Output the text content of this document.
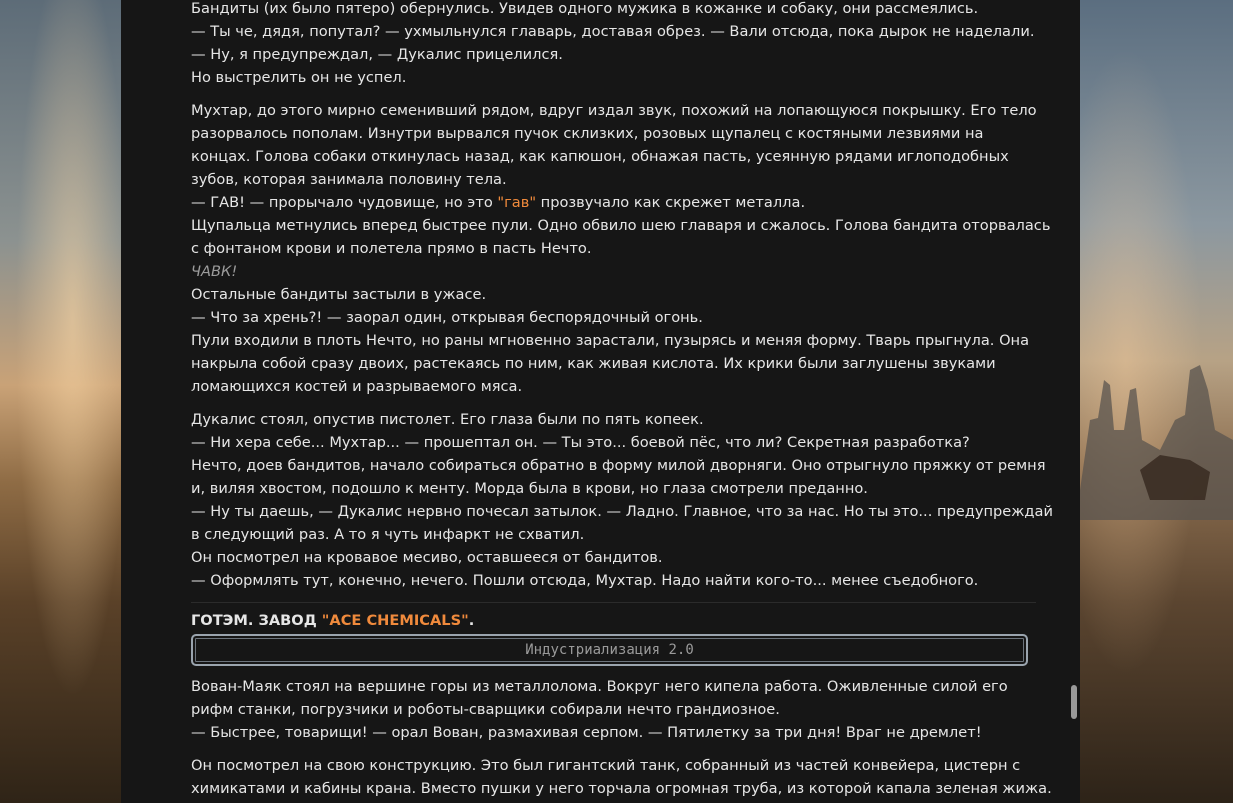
Бандиты (их было пятеро) обернулись. Увидев одного мужика в кожанке и собаку, они рассмеялись.
— Ты че, дядя, попутал? — ухмыльнулся главарь, доставая обрез. — Вали отсюда, пока дырок не наделали.
— Ну, я предупреждал, — Дукалис прицелился.
Но выстрелить он не успел.
Мухтар, до этого мирно семенивший рядом, вдруг издал звук, похожий на лопающуюся покрышку. Его тело
разорвалось пополам. Изнутри вырвался пучок склизких, розовых щупалец с костяными лезвиями на
концах. Голова собаки откинулась назад, как капюшон, обнажая пасть, усеянную рядами иглоподобных
зубов, которая занимала половину тела.
— ГАВ! — прорычало чудовище, но это "гав" прозвучало как скрежет металла.
Щупальца метнулись вперед быстрее пули. Одно обвило шею главаря и сжалось. Голова бандита оторвалась
с фонтаном крови и полетела прямо в пасть Нечто.
ЧАВК!
Остальные бандиты застыли в ужасе.
— Что за хрень?! — заорал один, открывая беспорядочный огонь.
Пули входили в плоть Нечто, но раны мгновенно зарастали, пузырясь и меняя форму. Тварь прыгнула. Она
накрыла собой сразу двоих, растекаясь по ним, как живая кислота. Их крики были заглушены звуками
ломающихся костей и разрываемого мяса.
Дукалис стоял, опустив пистолет. Его глаза были по пять копеек.
— Ни хера себе... Мухтар... — прошептал он. — Ты это... боевой пёс, что ли? Секретная разработка?
Нечто, доев бандитов, начало собираться обратно в форму милой дворняги. Оно отрыгнуло пряжку от ремня
и, виляя хвостом, подошло к менту. Морда была в крови, но глаза смотрели преданно.
— Ну ты даешь, — Дукалис нервно почесал затылок. — Ладно. Главное, что за нас. Но ты это... предупреждай
в следующий раз. А то я чуть инфаркт не схватил.
Он посмотрел на кровавое месиво, оставшееся от бандитов.
— Оформлять тут, конечно, нечего. Пошли отсюда, Мухтар. Надо найти кого-то... менее съедобного.
ГОТЭМ. ЗАВОД "ACE CHEMICALS".
Индустриализация 2.0
Вован-Маяк стоял на вершине горы из металлолома. Вокруг него кипела работа. Оживленные силой его
рифм станки, погрузчики и роботы-сварщики собирали нечто грандиозное.
— Быстрее, товарищи! — орал Вован, размахивая серпом. — Пятилетку за три дня! Враг не дремлет!
Он посмотрел на свою конструкцию. Это был гигантский танк, собранный из частей конвейера, цистерн с
химикатами и кабины крана. Вместо пушки у него торчала огромная труба, из которой капала зеленая жижа.
